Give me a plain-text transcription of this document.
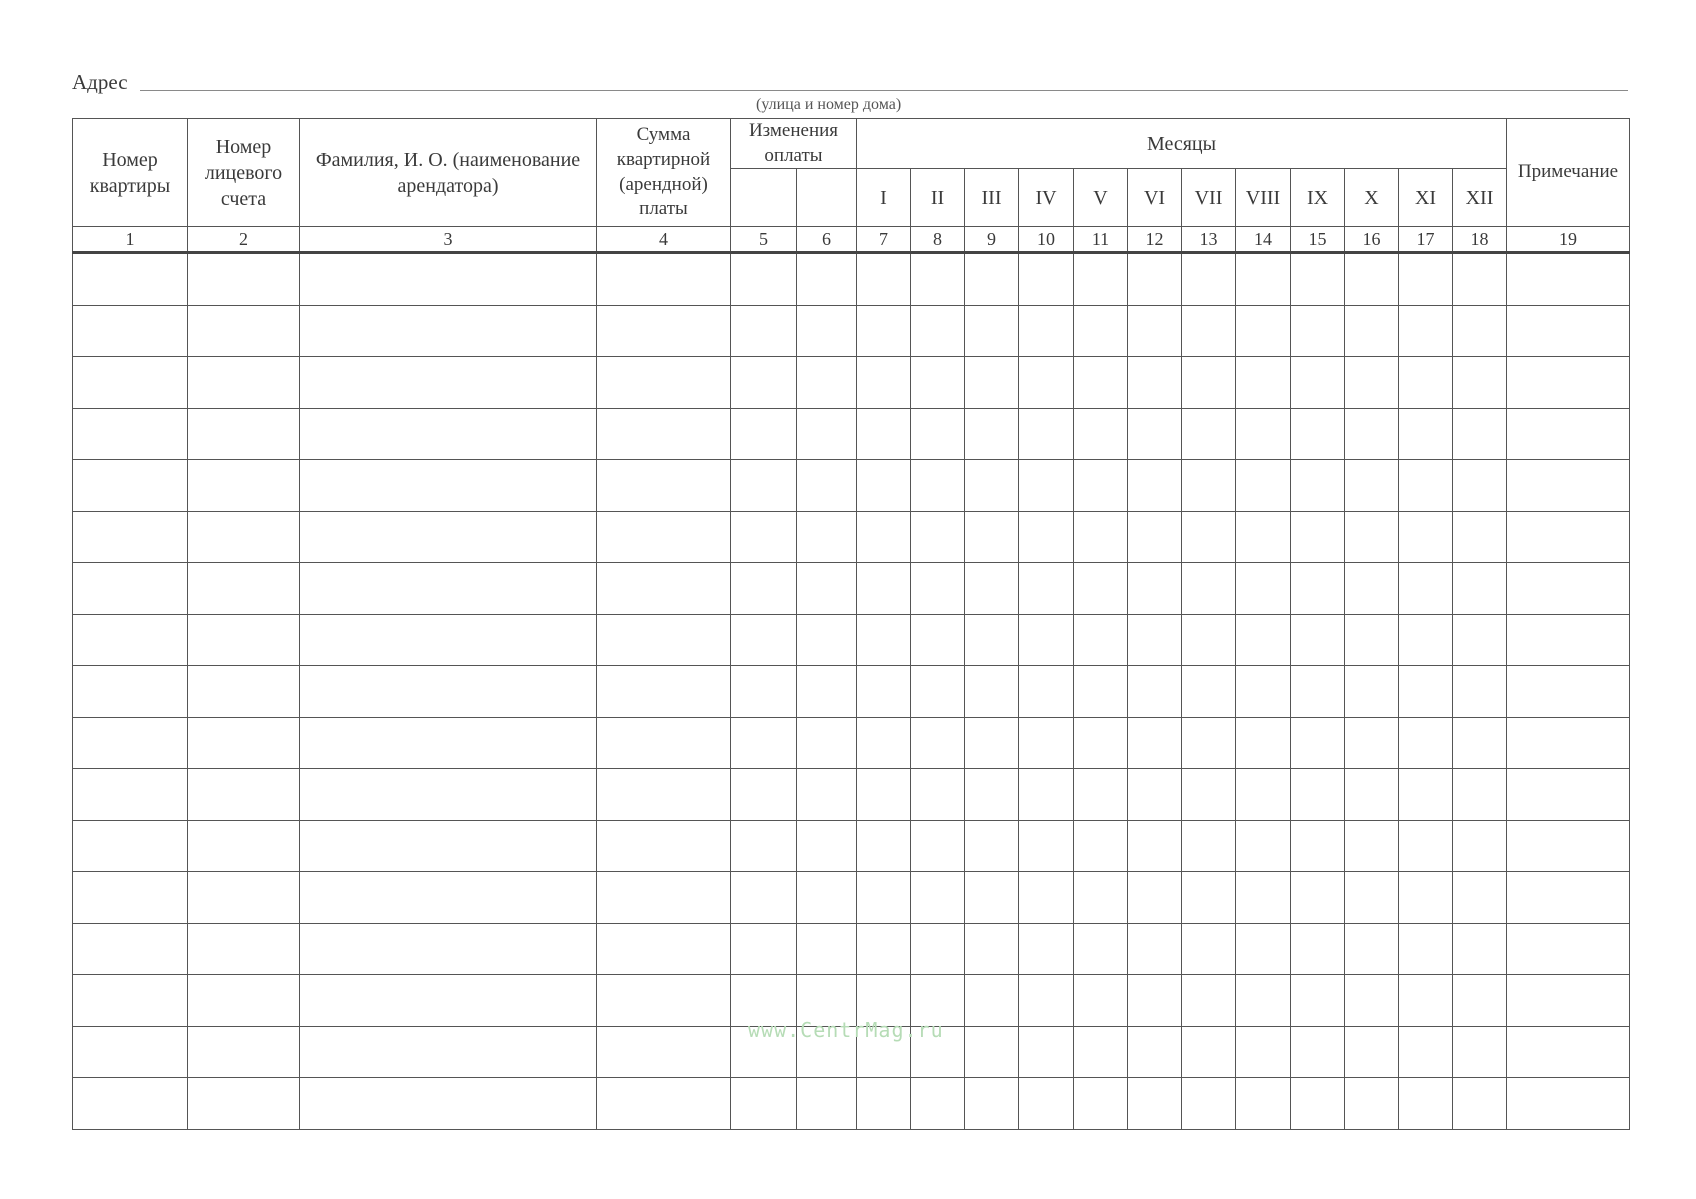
Адрес
(улица и номер дома)
Номер квартиры	Номер лицевого счета	Фамилия, И. О. (наименование арендатора)	Сумма квартирной (арендной) платы	Изменения оплаты		Месяцы												Примечание
						I	II	III	IV	V	VI	VII	VIII	IX	X	XI	XII	
1	2	3	4	5	6	7	8	9	10	11	12	13	14	15	16	17	18	19

www.CentrMag.ru
